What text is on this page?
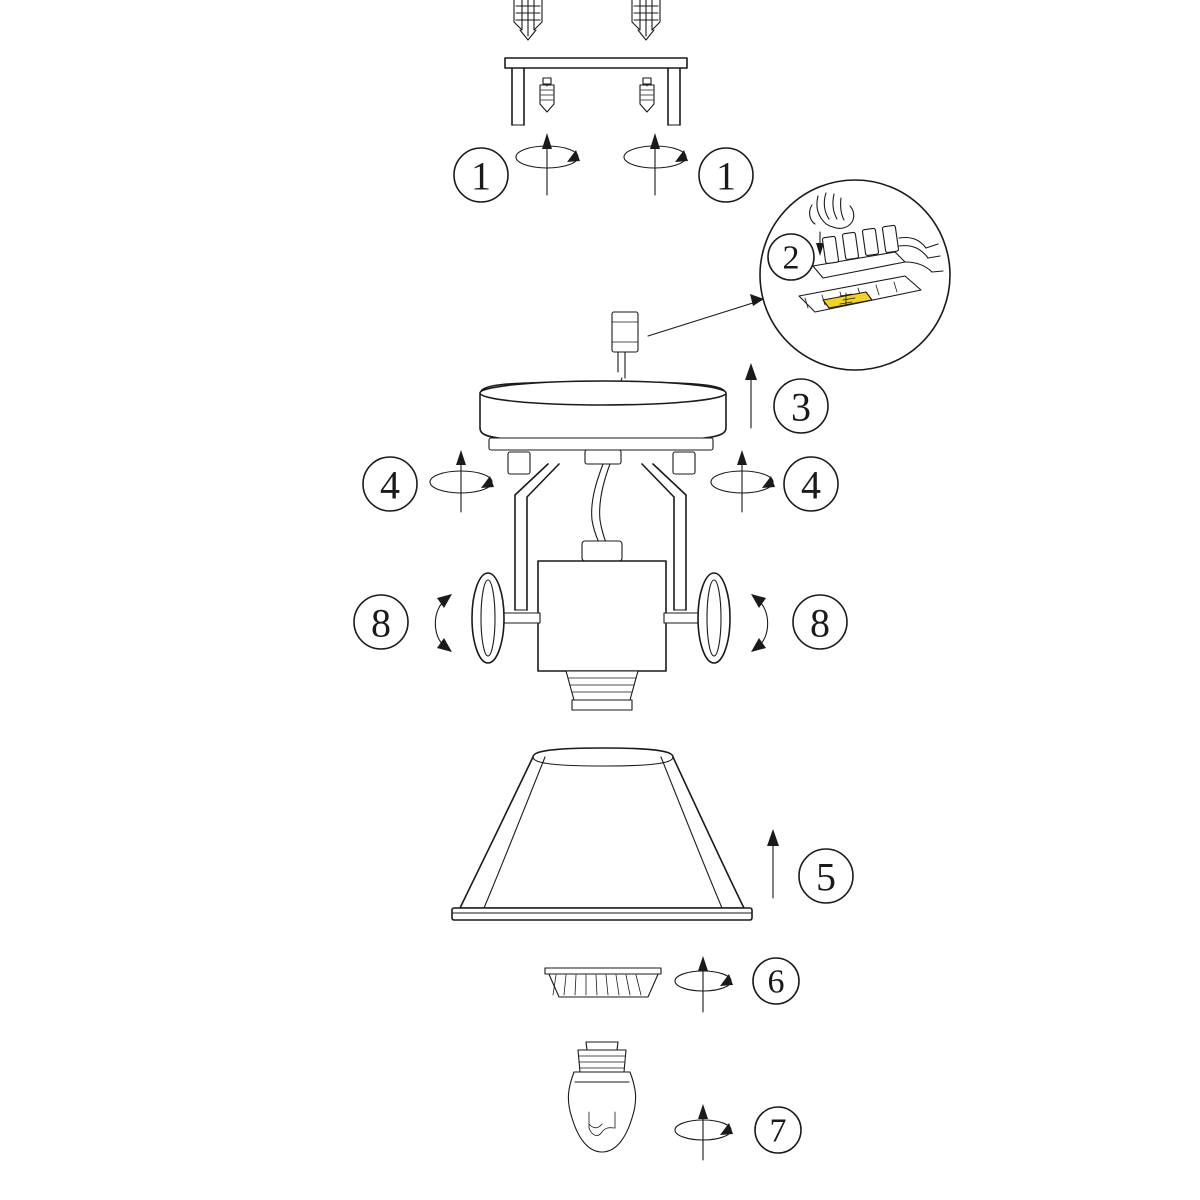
1	1
2
3
4	4
8	8
5
6
7
